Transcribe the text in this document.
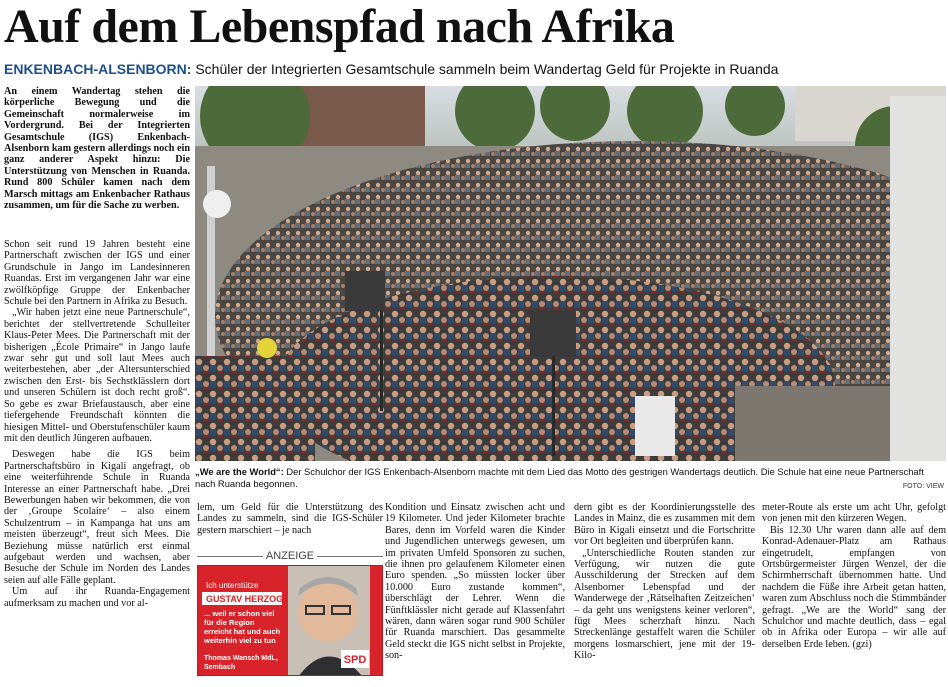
Auf dem Lebenspfad nach Afrika
ENKENBACH-ALSENBORN: Schüler der Integrierten Gesamtschule sammeln beim Wandertag Geld für Projekte in Ruanda
An einem Wandertag stehen die körperliche Bewegung und die Gemeinschaft normalerweise im Vordergrund. Bei der Integrierten Gesamtschule (IGS) Enkenbach-Alsenborn kam gestern allerdings noch ein ganz anderer Aspekt hinzu: Die Unterstützung von Menschen in Ruanda. Rund 800 Schüler kamen nach dem Marsch mittags am Enkenbacher Rathaus zusammen, um für die Sache zu werben.

Schon seit rund 19 Jahren besteht eine Partnerschaft zwischen der IGS und einer Grundschule in Jango im Landesinneren Ruandas. Erst im vergangenen Jahr war eine zwölfköpfige Gruppe der Enkenbacher Schule bei den Partnern in Afrika zu Besuch.

„Wir haben jetzt eine neue Partnerschule“, berichtet der stellvertretende Schulleiter Klaus-Peter Mees. Die Partnerschaft mit der bisherigen „École Primaire“ in Jango laufe zwar sehr gut und soll laut Mees auch weiterbestehen, aber „der Altersunterschied zwischen den Erst- bis Sechstklässlern dort und unseren Schülern ist doch recht groß“. So gebe es zwar Briefaustausch, aber eine tiefergehende Freundschaft könnten die hiesigen Mittel- und Oberstufenschüler kaum mit den deutlich Jüngeren aufbauen.

Deswegen habe die IGS beim Partnerschaftsbüro in Kigali angefragt, ob eine weiterführende Schule in Ruanda Interesse an einer Partnerschaft habe. „Drei Bewerbungen haben wir bekommen, die von der ‚Groupe Scolaire‘ – also einem Schulzentrum – in Kampanga hat uns am meisten überzeugt“, freut sich Mees. Die Beziehung müsse natürlich erst einmal aufgebaut werden und wachsen, aber Besuche der Schule im Norden des Landes seien auf alle Fälle geplant.

Um auf ihr Ruanda-Engagement aufmerksam zu machen und vor al-

„We are the World“: Der Schulchor der IGS Enkenbach-Alsenborn machte mit dem Lied das Motto des gestrigen Wandertags deutlich. Die Schule hat eine neue Partnerschaft nach Ruanda begonnen.	FOTO: VIEW

lem, um Geld für die Unterstützung des Landes zu sammeln, sind die IGS-Schüler gestern marschiert – je nach

ANZEIGE
SPD
Ich unterstütze
GUSTAV HERZOG
... weil er schon viel für die Region erreicht hat und auch weiterhin viel zu tun
Thomas Wansch MdL,
Sembach

Kondition und Einsatz zwischen acht und 19 Kilometer. Und jeder Kilometer brachte Bares, denn im Vorfeld waren die Kinder und Jugendlichen unterwegs gewesen, um im privaten Umfeld Sponsoren zu suchen, die ihnen pro gelaufenem Kilometer einen Euro spenden. „So müssten locker über 10.000 Euro zustande kommen“, überschlägt der Lehrer. Wenn die Fünftklässler nicht gerade auf Klassenfahrt wären, dann wären sogar rund 900 Schüler für Ruanda marschiert. Das gesammelte Geld steckt die IGS nicht selbst in Projekte, son-

dern gibt es der Koordinierungsstelle des Landes in Mainz, die es zusammen mit dem Büro in Kigali einsetzt und die Fortschritte vor Ort begleiten und überprüfen kann.

„Unterschiedliche Routen standen zur Verfügung, wir nutzen die gute Ausschilderung der Strecken auf dem Alsenborner Lebenspfad und der Wanderwege der ‚Rätselhaften Zeitzeichen‘ – da geht uns wenigstens keiner verloren“, fügt Mees scherzhaft hinzu. Nach Streckenlänge gestaffelt waren die Schüler morgens losmarschiert, jene mit der 19-Kilo-

meter-Route als erste um acht Uhr, gefolgt von jenen mit den kürzeren Wegen.

Bis 12.30 Uhr waren dann alle auf dem Konrad-Adenauer-Platz am Rathaus eingetrudelt, empfangen von Ortsbürgermeister Jürgen Wenzel, der die Schirmherrschaft übernommen hatte. Und nachdem die Füße ihre Arbeit getan hatten, waren zum Abschluss noch die Stimmbänder gefragt. „We are the World“ sang der Schulchor und machte deutlich, dass – egal ob in Afrika oder Europa – wir alle auf derselben Erde leben. (gzi)
